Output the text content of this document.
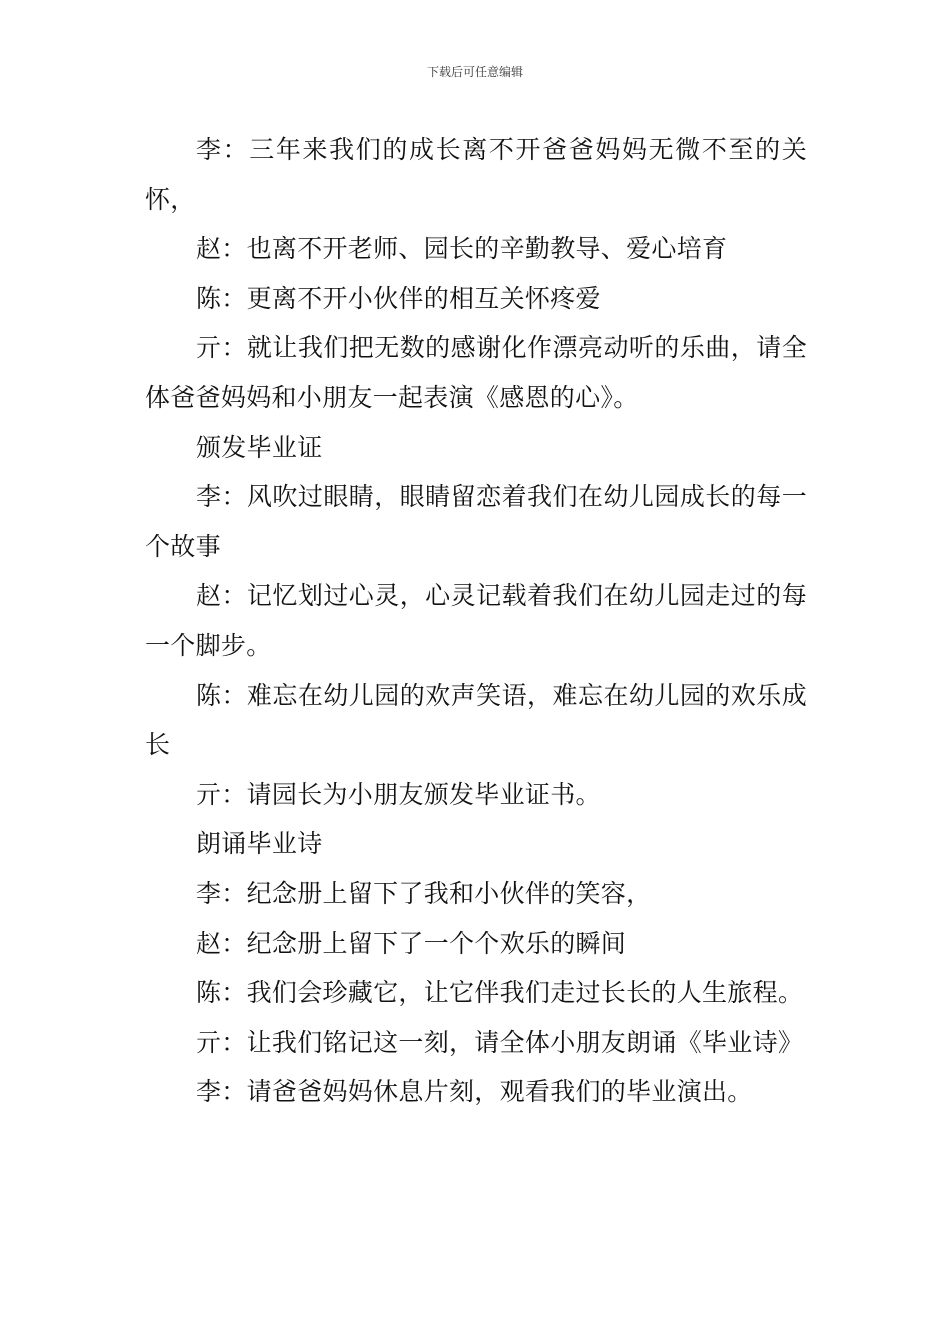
下载后可任意编辑

李：三年来我们的成长离不开爸爸妈妈无微不至的关怀，

赵：也离不开老师、园长的辛勤教导、爱心培育

陈：更离不开小伙伴的相互关怀疼爱

亓：就让我们把无数的感谢化作漂亮动听的乐曲，请全体爸爸妈妈和小朋友一起表演《感恩的心》。

颁发毕业证

李：风吹过眼睛，眼睛留恋着我们在幼儿园成长的每一个故事

赵：记忆划过心灵，心灵记载着我们在幼儿园走过的每一个脚步。

陈：难忘在幼儿园的欢声笑语，难忘在幼儿园的欢乐成长

亓：请园长为小朋友颁发毕业证书。

朗诵毕业诗

李：纪念册上留下了我和小伙伴的笑容，

赵：纪念册上留下了一个个欢乐的瞬间

陈：我们会珍藏它，让它伴我们走过长长的人生旅程。

亓：让我们铭记这一刻，请全体小朋友朗诵《毕业诗》

李：请爸爸妈妈休息片刻，观看我们的毕业演出。
